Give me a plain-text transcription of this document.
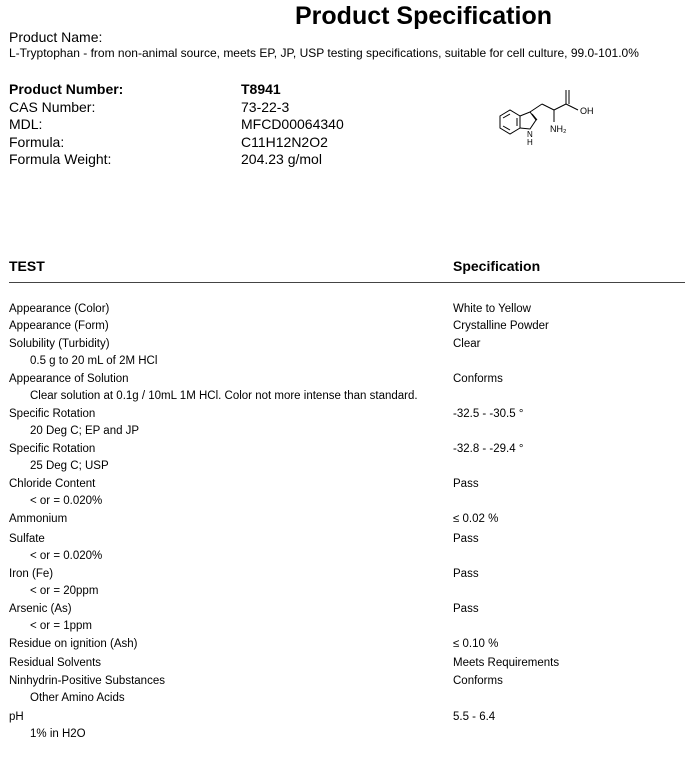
Product Specification
Product Name:
L-Tryptophan - from non-animal source, meets EP, JP, USP testing specifications, suitable for cell culture, 99.0-101.0%
Product Number:	T8941
CAS Number:	73-22-3
MDL:	MFCD00064340
Formula:	C11H12N2O2
Formula Weight:	204.23 g/mol
OH
NH₂
N
H
TEST	Specification
Appearance (Color)	White to Yellow
Appearance (Form)	Crystalline Powder
Solubility (Turbidity)	Clear
0.5 g to 20 mL of 2M HCl
Appearance of Solution	Conforms
Clear solution at 0.1g / 10mL 1M HCl. Color not more intense than standard.
Specific Rotation	-32.5 - -30.5 °
20 Deg C; EP and JP
Specific Rotation	-32.8 - -29.4 °
25 Deg C; USP
Chloride Content	Pass
< or = 0.020%
Ammonium	≤ 0.02 %
Sulfate	Pass
< or = 0.020%
Iron (Fe)	Pass
< or = 20ppm
Arsenic (As)	Pass
< or = 1ppm
Residue on ignition (Ash)	≤ 0.10 %
Residual Solvents	Meets Requirements
Ninhydrin-Positive Substances	Conforms
Other Amino Acids
pH	5.5 - 6.4
1% in H2O
